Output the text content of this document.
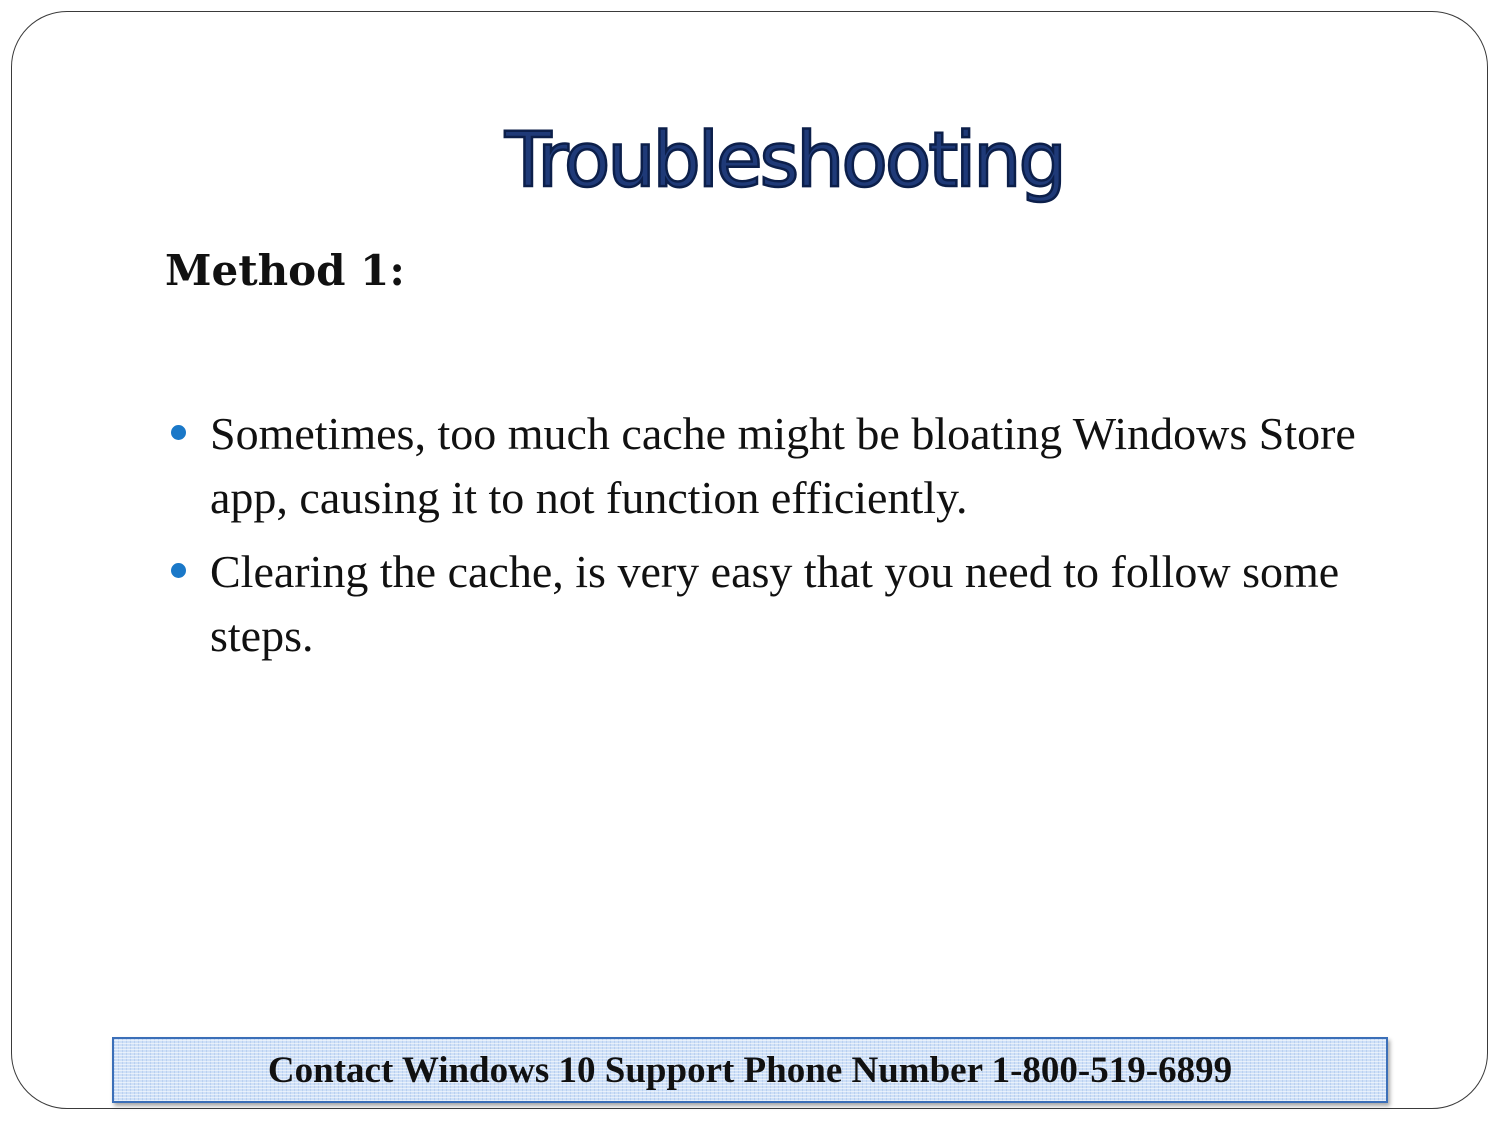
Troubleshooting
Method 1:
Sometimes, too much cache might be bloating Windows Store app, causing it to not function efficiently.
Clearing the cache, is very easy that you need to follow some steps.
Contact Windows 10 Support Phone Number 1-800-519-6899
